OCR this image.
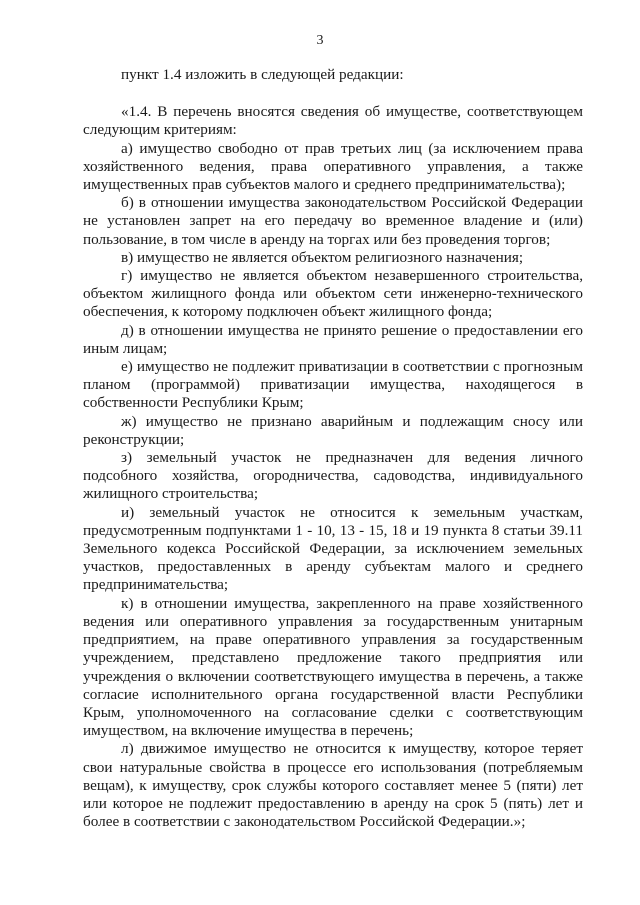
3

пункт 1.4 изложить в следующей редакции:

«1.4. В перечень вносятся сведения об имуществе, соответствующем следующим критериям:

а) имущество свободно от прав третьих лиц (за исключением права хозяйственного ведения, права оперативного управления, а также имущественных прав субъектов малого и среднего предпринимательства);

б) в отношении имущества законодательством Российской Федерации не установлен запрет на его передачу во временное владение и (или) пользование, в том числе в аренду на торгах или без проведения торгов;

в) имущество не является объектом религиозного назначения;

г) имущество не является объектом незавершенного строительства, объектом жилищного фонда или объектом сети инженерно-технического обеспечения, к которому подключен объект жилищного фонда;

д) в отношении имущества не принято решение о предоставлении его иным лицам;

е) имущество не подлежит приватизации в соответствии с прогнозным планом (программой) приватизации имущества, находящегося в собственности Республики Крым;

ж) имущество не признано аварийным и подлежащим сносу или реконструкции;

з) земельный участок не предназначен для ведения личного подсобного хозяйства, огородничества, садоводства, индивидуального жилищного строительства;

и) земельный участок не относится к земельным участкам, предусмотренным подпунктами 1 - 10, 13 - 15, 18 и 19 пункта 8 статьи 39.11 Земельного кодекса Российской Федерации, за исключением земельных участков, предоставленных в аренду субъектам малого и среднего предпринимательства;

к) в отношении имущества, закрепленного на праве хозяйственного ведения или оперативного управления за государственным унитарным предприятием, на праве оперативного управления за государственным учреждением, представлено предложение такого предприятия или учреждения о включении соответствующего имущества в перечень, а также согласие исполнительного органа государственной власти Республики Крым, уполномоченного на согласование сделки с соответствующим имуществом, на включение имущества в перечень;

л) движимое имущество не относится к имуществу, которое теряет свои натуральные свойства в процессе его использования (потребляемым вещам), к имуществу, срок службы которого составляет менее 5 (пяти) лет или которое не подлежит предоставлению в аренду на срок 5 (пять) лет и более в соответствии с законодательством Российской Федерации.»;
